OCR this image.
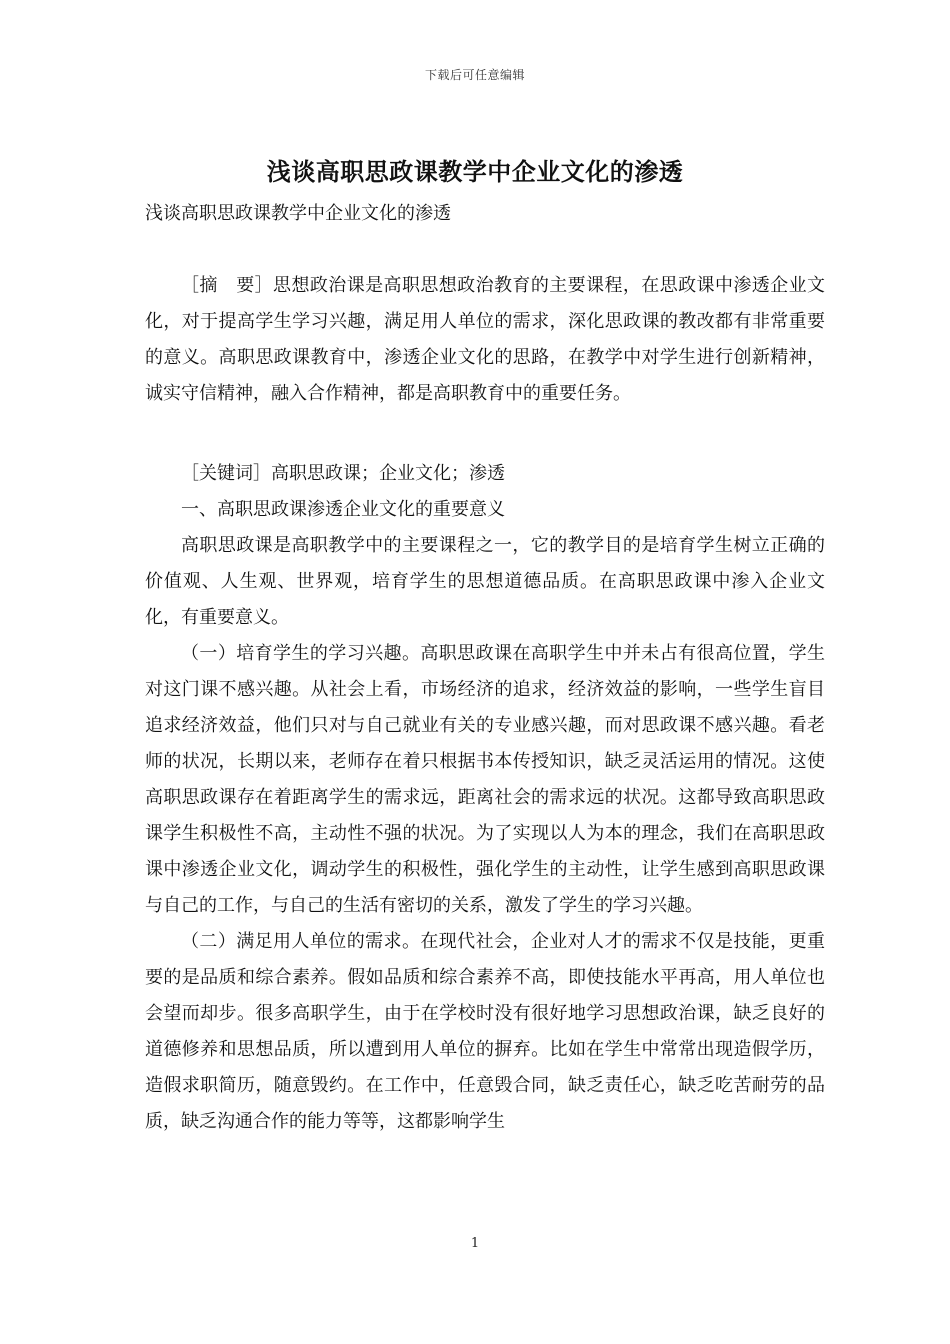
下载后可任意编辑
浅谈高职思政课教学中企业文化的渗透
浅谈高职思政课教学中企业文化的渗透

［摘　要］思想政治课是高职思想政治教育的主要课程，在思政课中渗透企业文化，对于提高学生学习兴趣，满足用人单位的需求，深化思政课的教改都有非常重要的意义。高职思政课教育中，渗透企业文化的思路，在教学中对学生进行创新精神，诚实守信精神，融入合作精神，都是高职教育中的重要任务。

［关键词］高职思政课；企业文化；渗透

一、高职思政课渗透企业文化的重要意义

高职思政课是高职教学中的主要课程之一，它的教学目的是培育学生树立正确的价值观、人生观、世界观，培育学生的思想道德品质。在高职思政课中渗入企业文化，有重要意义。

（一）培育学生的学习兴趣。高职思政课在高职学生中并未占有很高位置，学生对这门课不感兴趣。从社会上看，市场经济的追求，经济效益的影响，一些学生盲目追求经济效益，他们只对与自己就业有关的专业感兴趣，而对思政课不感兴趣。看老师的状况，长期以来，老师存在着只根据书本传授知识，缺乏灵活运用的情况。这使高职思政课存在着距离学生的需求远，距离社会的需求远的状况。这都导致高职思政课学生积极性不高，主动性不强的状况。为了实现以人为本的理念，我们在高职思政课中渗透企业文化，调动学生的积极性，强化学生的主动性，让学生感到高职思政课与自己的工作，与自己的生活有密切的关系，激发了学生的学习兴趣。

（二）满足用人单位的需求。在现代社会，企业对人才的需求不仅是技能，更重要的是品质和综合素养。假如品质和综合素养不高，即使技能水平再高，用人单位也会望而却步。很多高职学生，由于在学校时没有很好地学习思想政治课，缺乏良好的道德修养和思想品质，所以遭到用人单位的摒弃。比如在学生中常常出现造假学历，造假求职简历，随意毁约。在工作中，任意毁合同，缺乏责任心，缺乏吃苦耐劳的品质，缺乏沟通合作的能力等等，这都影响学生

1
